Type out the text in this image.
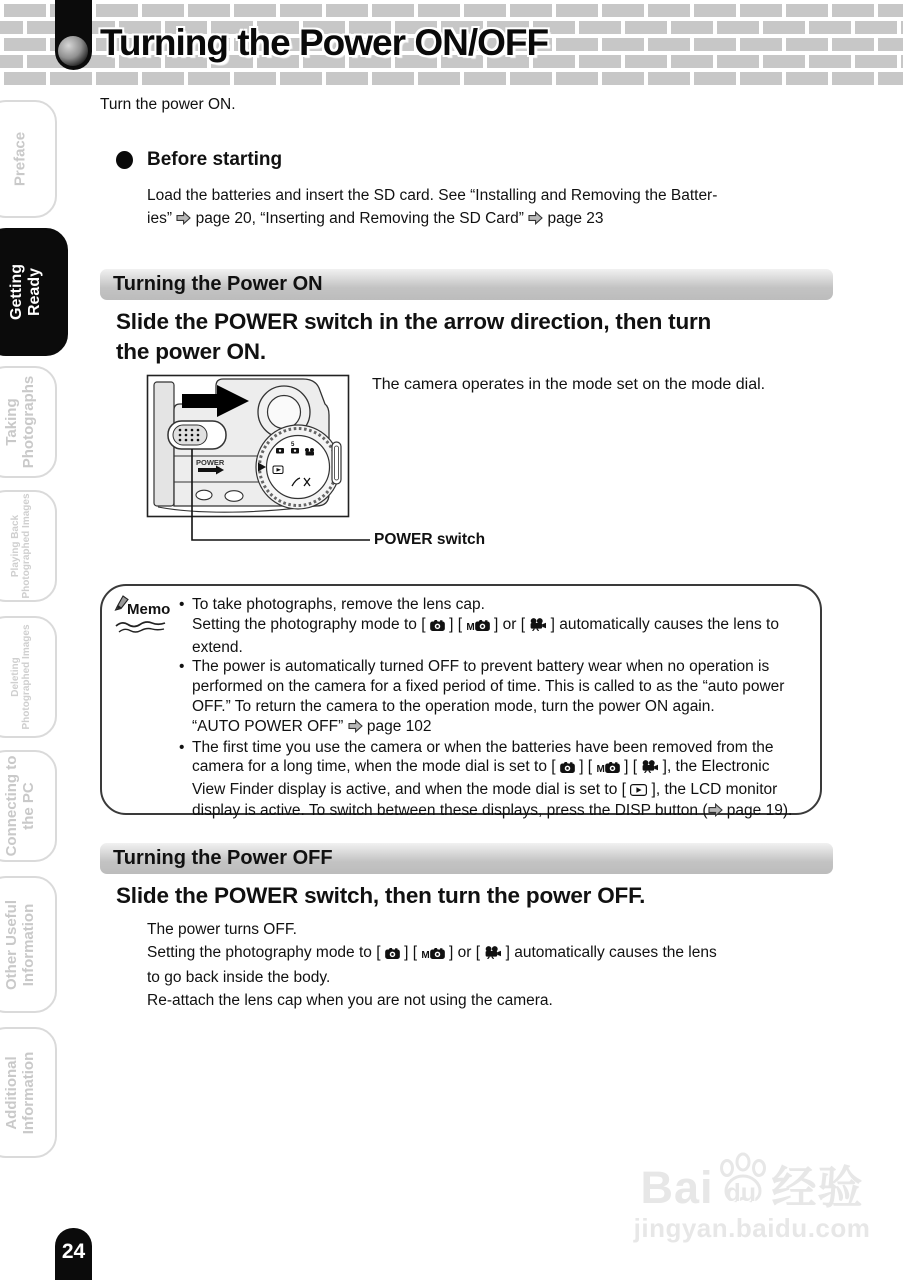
Turning the Power ON/OFF
Preface
Getting
Ready
Taking
Photographs
Playing Back
Photographed Images
Deleting
Photographed Images
Connecting to
the PC
Other Useful
Information
Additional
Information
Turn the power ON.
Before starting
Load the batteries and insert the SD card. See “Installing and Removing the Batter-
ies”  page 20, “Inserting and Removing the SD Card”  page 23
Turning the Power ON
Slide the POWER switch in the arrow direction, then turn
the power ON.
POWER
5
The camera operates in the mode set on the mode dial.
POWER switch
Memo	• To take photographs, remove the lens cap.
Setting the photography mode to [  ] [ M ] or [  ] automatically causes the lens to
extend.
• The power is automatically turned OFF to prevent battery wear when no operation is
performed on the camera for a fixed period of time. This is called to as the “auto power
OFF.” To return the camera to the operation mode, turn the power ON again.
“AUTO POWER OFF”  page 102
• The first time you use the camera or when the batteries have been removed from the
camera for a long time, when the mode dial is set to [  ] [ M ] [  ], the Electronic
View Finder display is active, and when the mode dial is set to [  ], the LCD monitor
display is active. To switch between these displays, press the DISP button ( page 19).
Turning the Power OFF
Slide the POWER switch, then turn the power OFF.

The power turns OFF.

Setting the photography mode to [  ] [ M ] or [  ] automatically causes the lens
to go back inside the body.

Re-attach the lens cap when you are not using the camera.

Bai du 经验
jingyan.baidu.com
24
